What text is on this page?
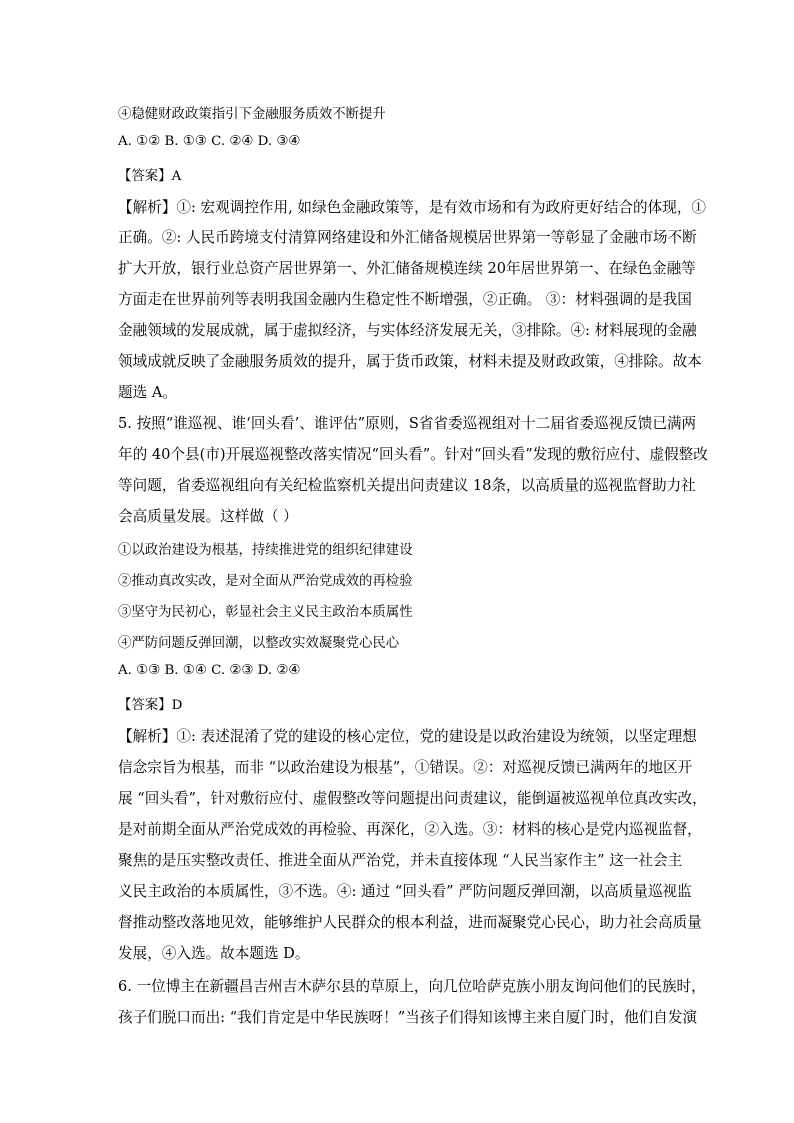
④稳健财政政策指引下金融服务质效不断提升
A. ①② B. ①③ C. ②④ D. ③④
【答案】A
【解析】①: 宏观调控作用, 如绿色金融政策等，是有效市场和有为政府更好结合的体现，①
正确。②: 人民币跨境支付清算网络建设和外汇储备规模居世界第一等彰显了金融市场不断
扩大开放，银行业总资产居世界第一、外汇储备规模连续 20年居世界第一、在绿色金融等
方面走在世界前列等表明我国金融内生稳定性不断增强，②正确。 ③：材料强调的是我国
金融领域的发展成就，属于虚拟经济，与实体经济发展无关，③排除。④: 材料展现的金融
领域成就反映了金融服务质效的提升，属于货币政策，材料未提及财政政策，④排除。故本
题选 A。
5. 按照“谁巡视、谁‘回头看’、谁评估”原则，S省省委巡视组对十二届省委巡视反馈已满两
年的 40个县(市)开展巡视整改落实情况“回头看”。针对“回头看”发现的敷衍应付、虚假整改
等问题，省委巡视组向有关纪检监察机关提出问责建议 18条，以高质量的巡视监督助力社
会高质量发展。这样做（ ）
①以政治建设为根基，持续推进党的组织纪律建设
②推动真改实改，是对全面从严治党成效的再检验
③坚守为民初心，彰显社会主义民主政治本质属性
④严防问题反弹回潮，以整改实效凝聚党心民心
A. ①③ B. ①④ C. ②③ D. ②④
【答案】D
【解析】①: 表述混淆了党的建设的核心定位，党的建设是以政治建设为统领，以坚定理想
信念宗旨为根基，而非 “以政治建设为根基”，①错误。②：对巡视反馈已满两年的地区开
展 “回头看”，针对敷衍应付、虚假整改等问题提出问责建议，能倒逼被巡视单位真改实改，
是对前期全面从严治党成效的再检验、再深化，②入选。③：材料的核心是党内巡视监督，
聚焦的是压实整改责任、推进全面从严治党，并未直接体现 “人民当家作主” 这一社会主
义民主政治的本质属性，③不选。④: 通过 “回头看” 严防问题反弹回潮，以高质量巡视监
督推动整改落地见效，能够维护人民群众的根本利益，进而凝聚党心民心，助力社会高质量
发展，④入选。故本题选 D。
6. 一位博主在新疆昌吉州吉木萨尔县的草原上，向几位哈萨克族小朋友询问他们的民族时，
孩子们脱口而出: “我们肯定是中华民族呀！”当孩子们得知该博主来自厦门时，他们自发演
